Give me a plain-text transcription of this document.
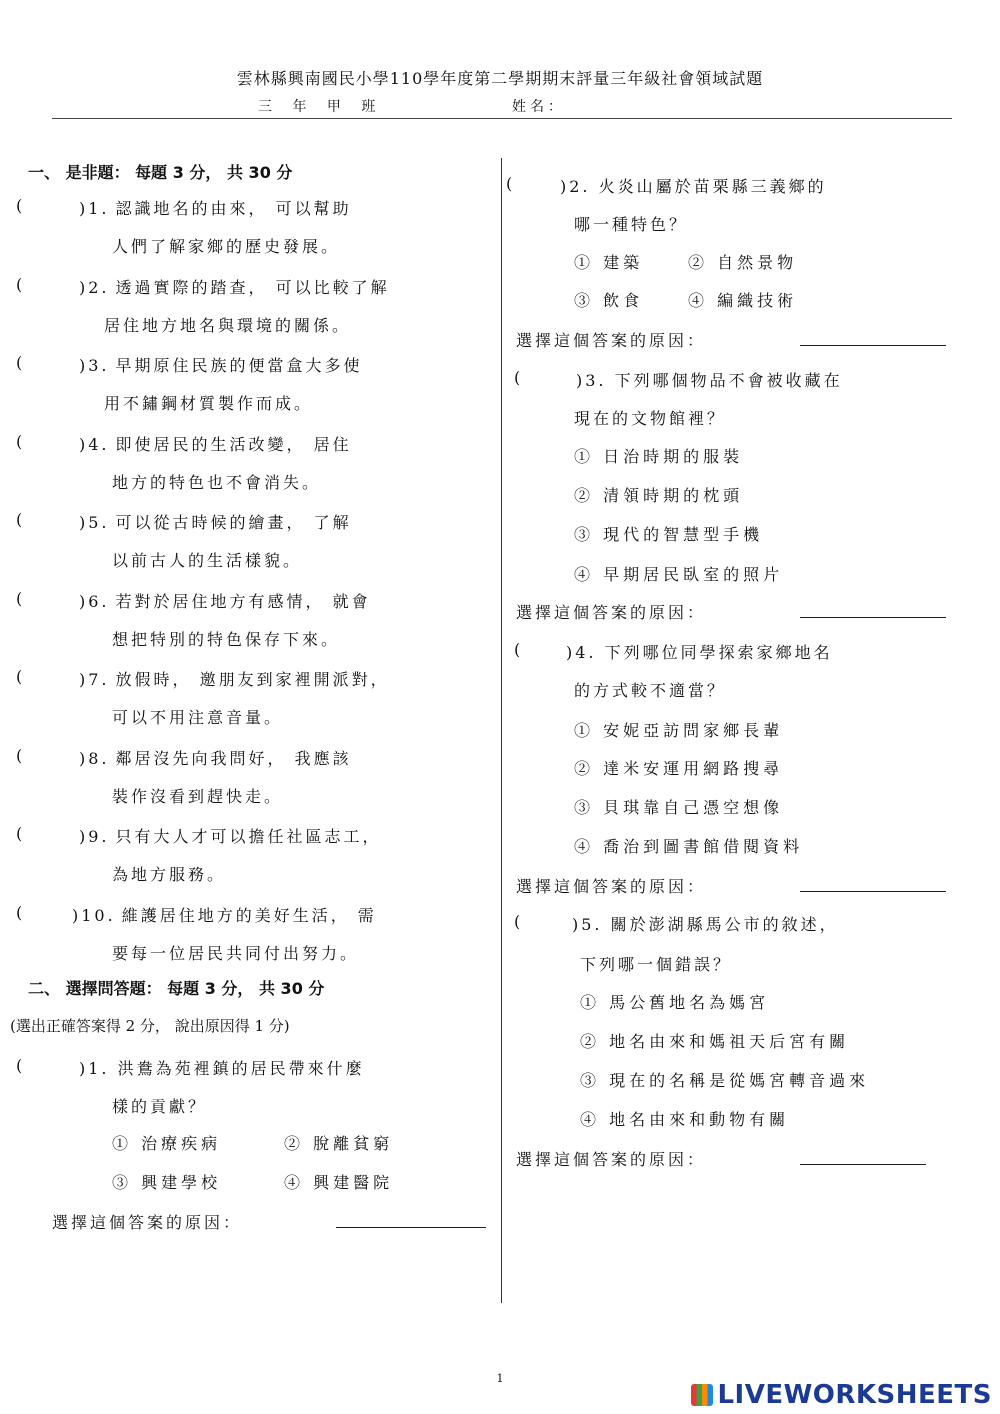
雲林縣興南國民小學110學年度第二學期期末評量三年級社會領域試題
三 年 甲 班	姓名：
一、 是非題： 每題 3 分， 共 30 分
(	)1. 認識地名的由來， 可以幫助
人們了解家鄉的歷史發展。
(	)2. 透過實際的踏查， 可以比較了解
居住地方地名與環境的關係。
(	)3. 早期原住民族的便當盒大多使
用不鏽鋼材質製作而成。
(	)4. 即使居民的生活改變， 居住
地方的特色也不會消失。
(	)5. 可以從古時候的繪畫， 了解
以前古人的生活樣貌。
(	)6. 若對於居住地方有感情， 就會
想把特別的特色保存下來。
(	)7. 放假時， 邀朋友到家裡開派對，
可以不用注意音量。
(	)8. 鄰居沒先向我問好， 我應該
裝作沒看到趕快走。
(	)9. 只有大人才可以擔任社區志工，
為地方服務。
(	)10. 維護居住地方的美好生活， 需
要每一位居民共同付出努力。
二、 選擇問答題： 每題 3 分， 共 30 分
(選出正確答案得 2 分， 說出原因得 1 分)
(	)1. 洪鴦為苑裡鎮的居民帶來什麼
樣的貢獻？
① 治療疾病	② 脫離貧窮
③ 興建學校	④ 興建醫院
選擇這個答案的原因：
(	)2. 火炎山屬於苗栗縣三義鄉的
哪一種特色？
① 建築	② 自然景物
③ 飲食	④ 編織技術
選擇這個答案的原因：
(	)3. 下列哪個物品不會被收藏在
現在的文物館裡？
① 日治時期的服裝
② 清領時期的枕頭
③ 現代的智慧型手機
④ 早期居民臥室的照片
選擇這個答案的原因：
(	)4. 下列哪位同學探索家鄉地名
的方式較不適當？
① 安妮亞訪問家鄉長輩
② 達米安運用網路搜尋
③ 貝琪靠自己憑空想像
④ 喬治到圖書館借閱資料
選擇這個答案的原因：
(	)5. 關於澎湖縣馬公市的敘述，
下列哪一個錯誤？
① 馬公舊地名為媽宮
② 地名由來和媽祖天后宮有關
③ 現在的名稱是從媽宮轉音過來
④ 地名由來和動物有關
選擇這個答案的原因：
1
LIVEWORKSHEETS
